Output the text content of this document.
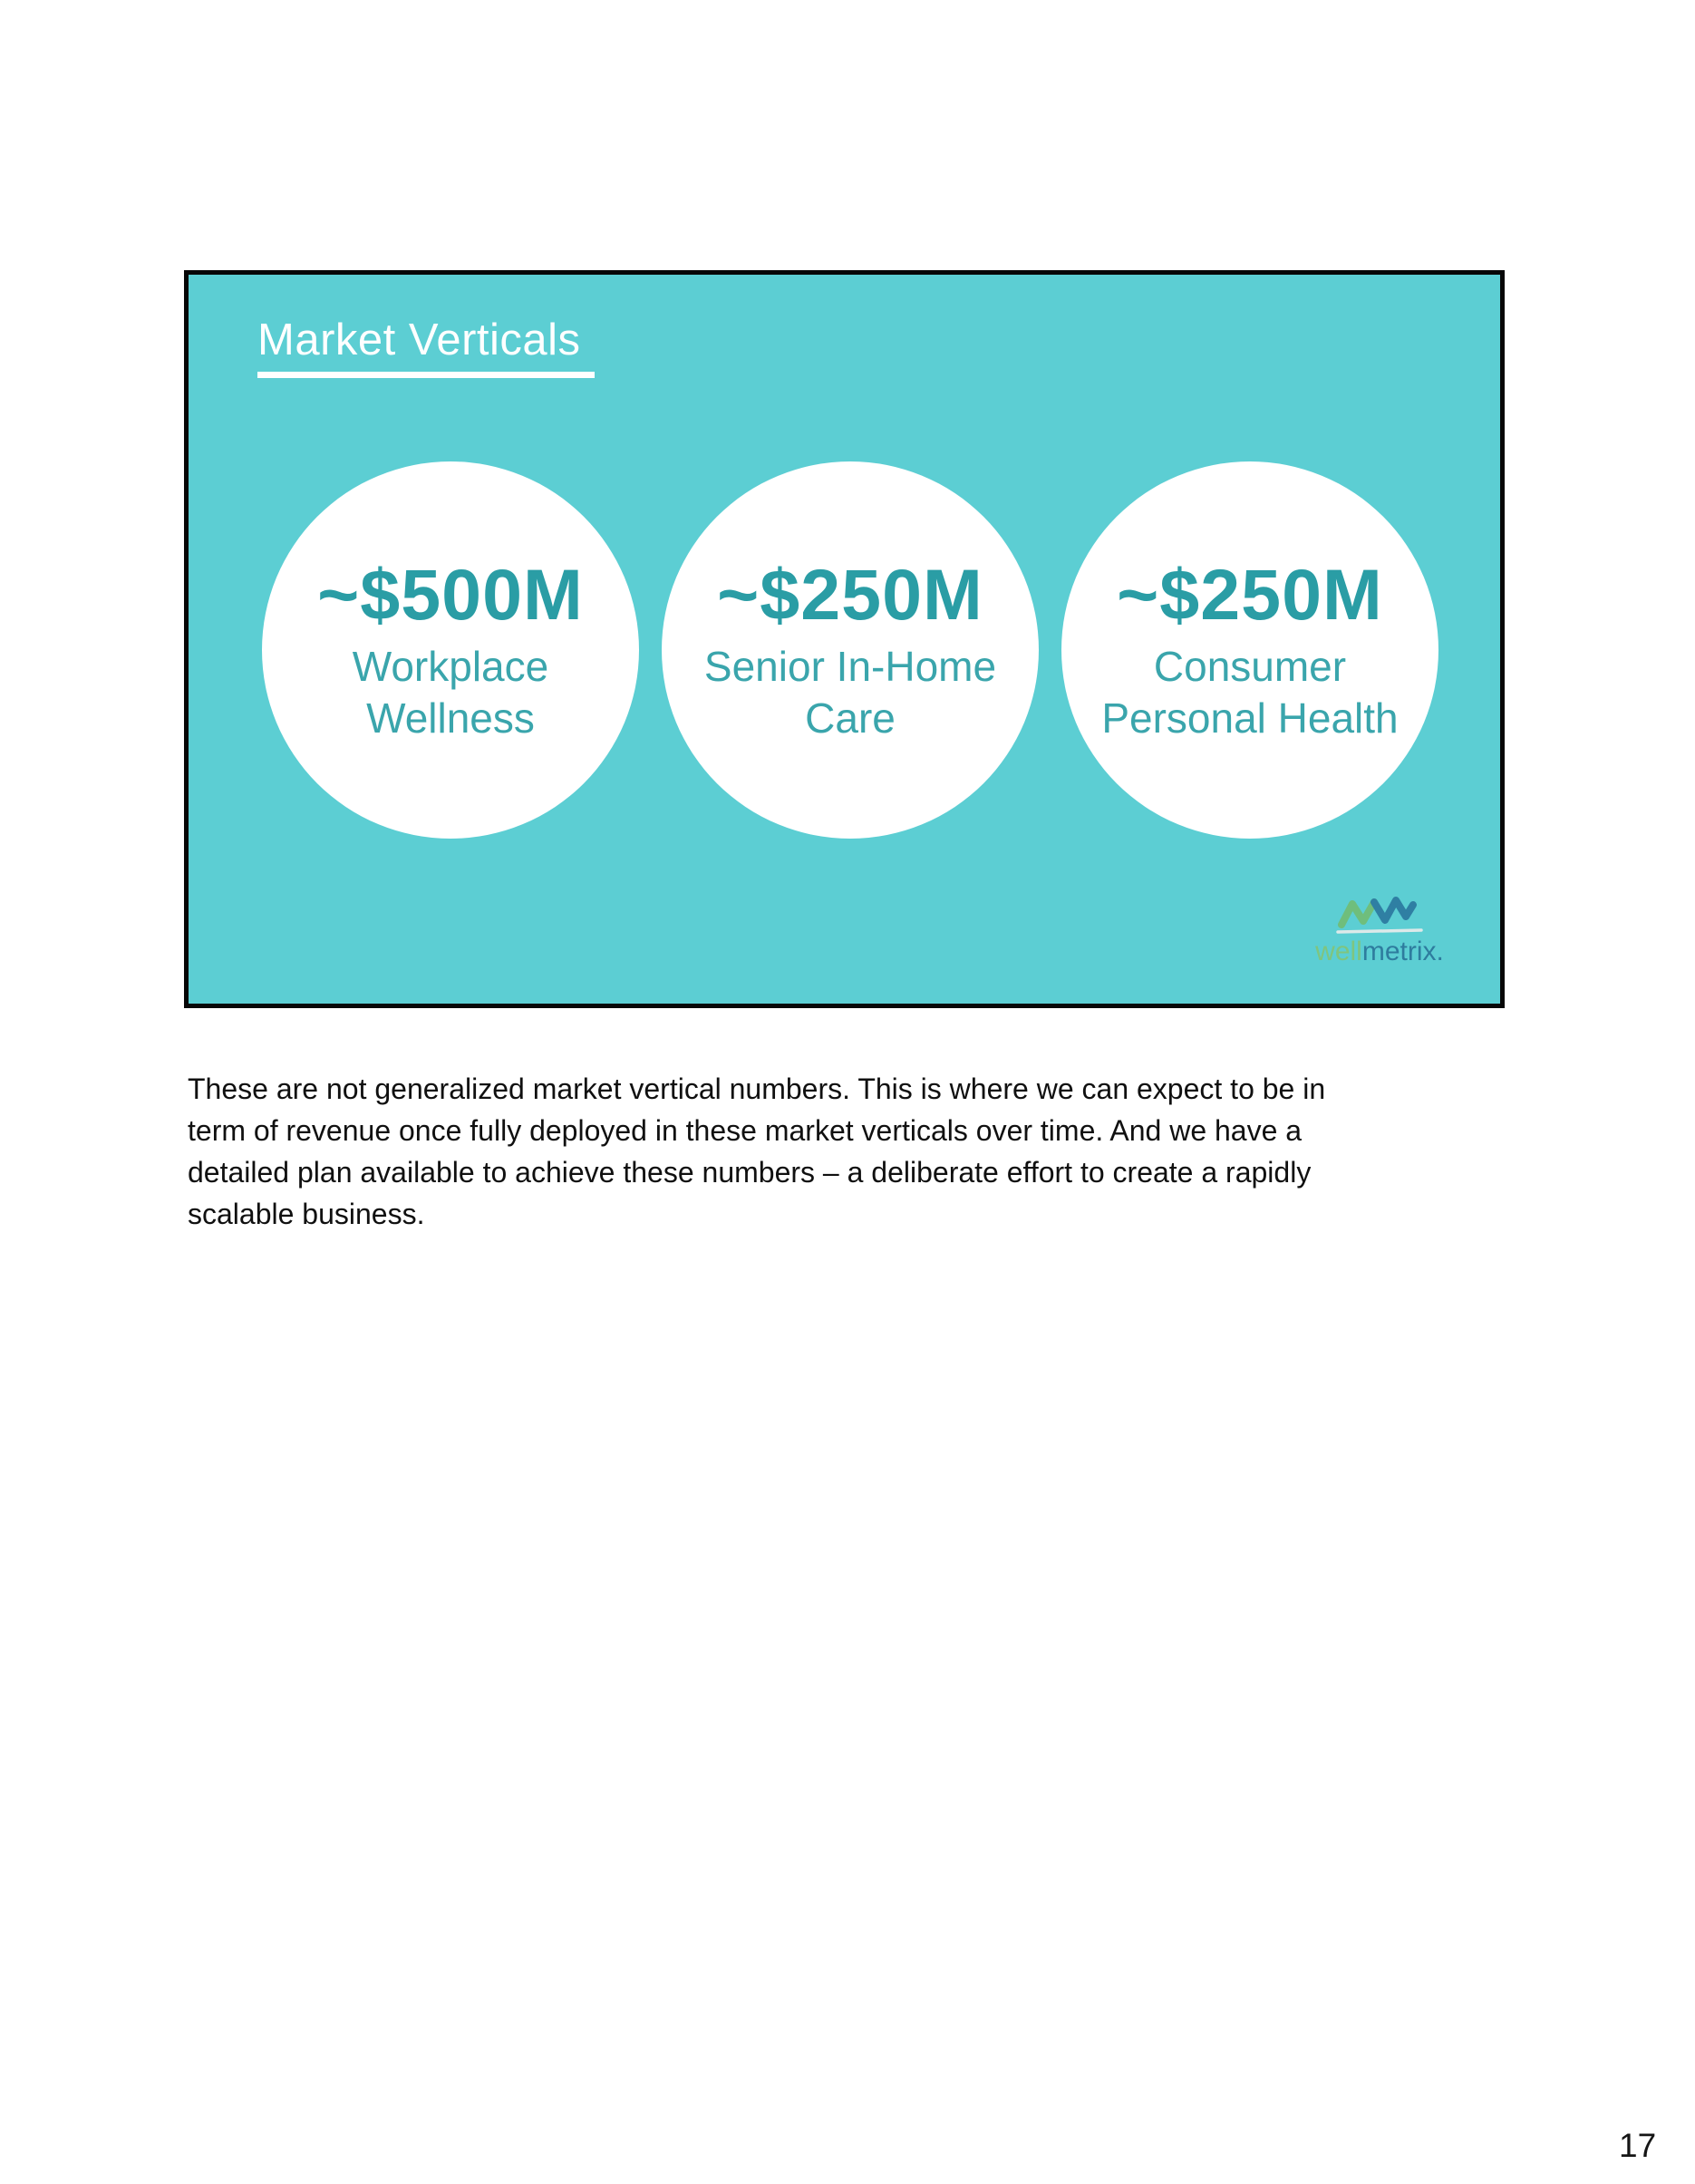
Market Verticals
~$500M
Workplace
Wellness
~$250M
Senior In-Home
Care
~$250M
Consumer
Personal Health
wellmetrix.
These are not generalized market vertical numbers. This is where we can expect to be in
term of revenue once fully deployed in these market verticals over time. And we have a
detailed plan available to achieve these numbers – a deliberate effort to create a rapidly
scalable business.
17
